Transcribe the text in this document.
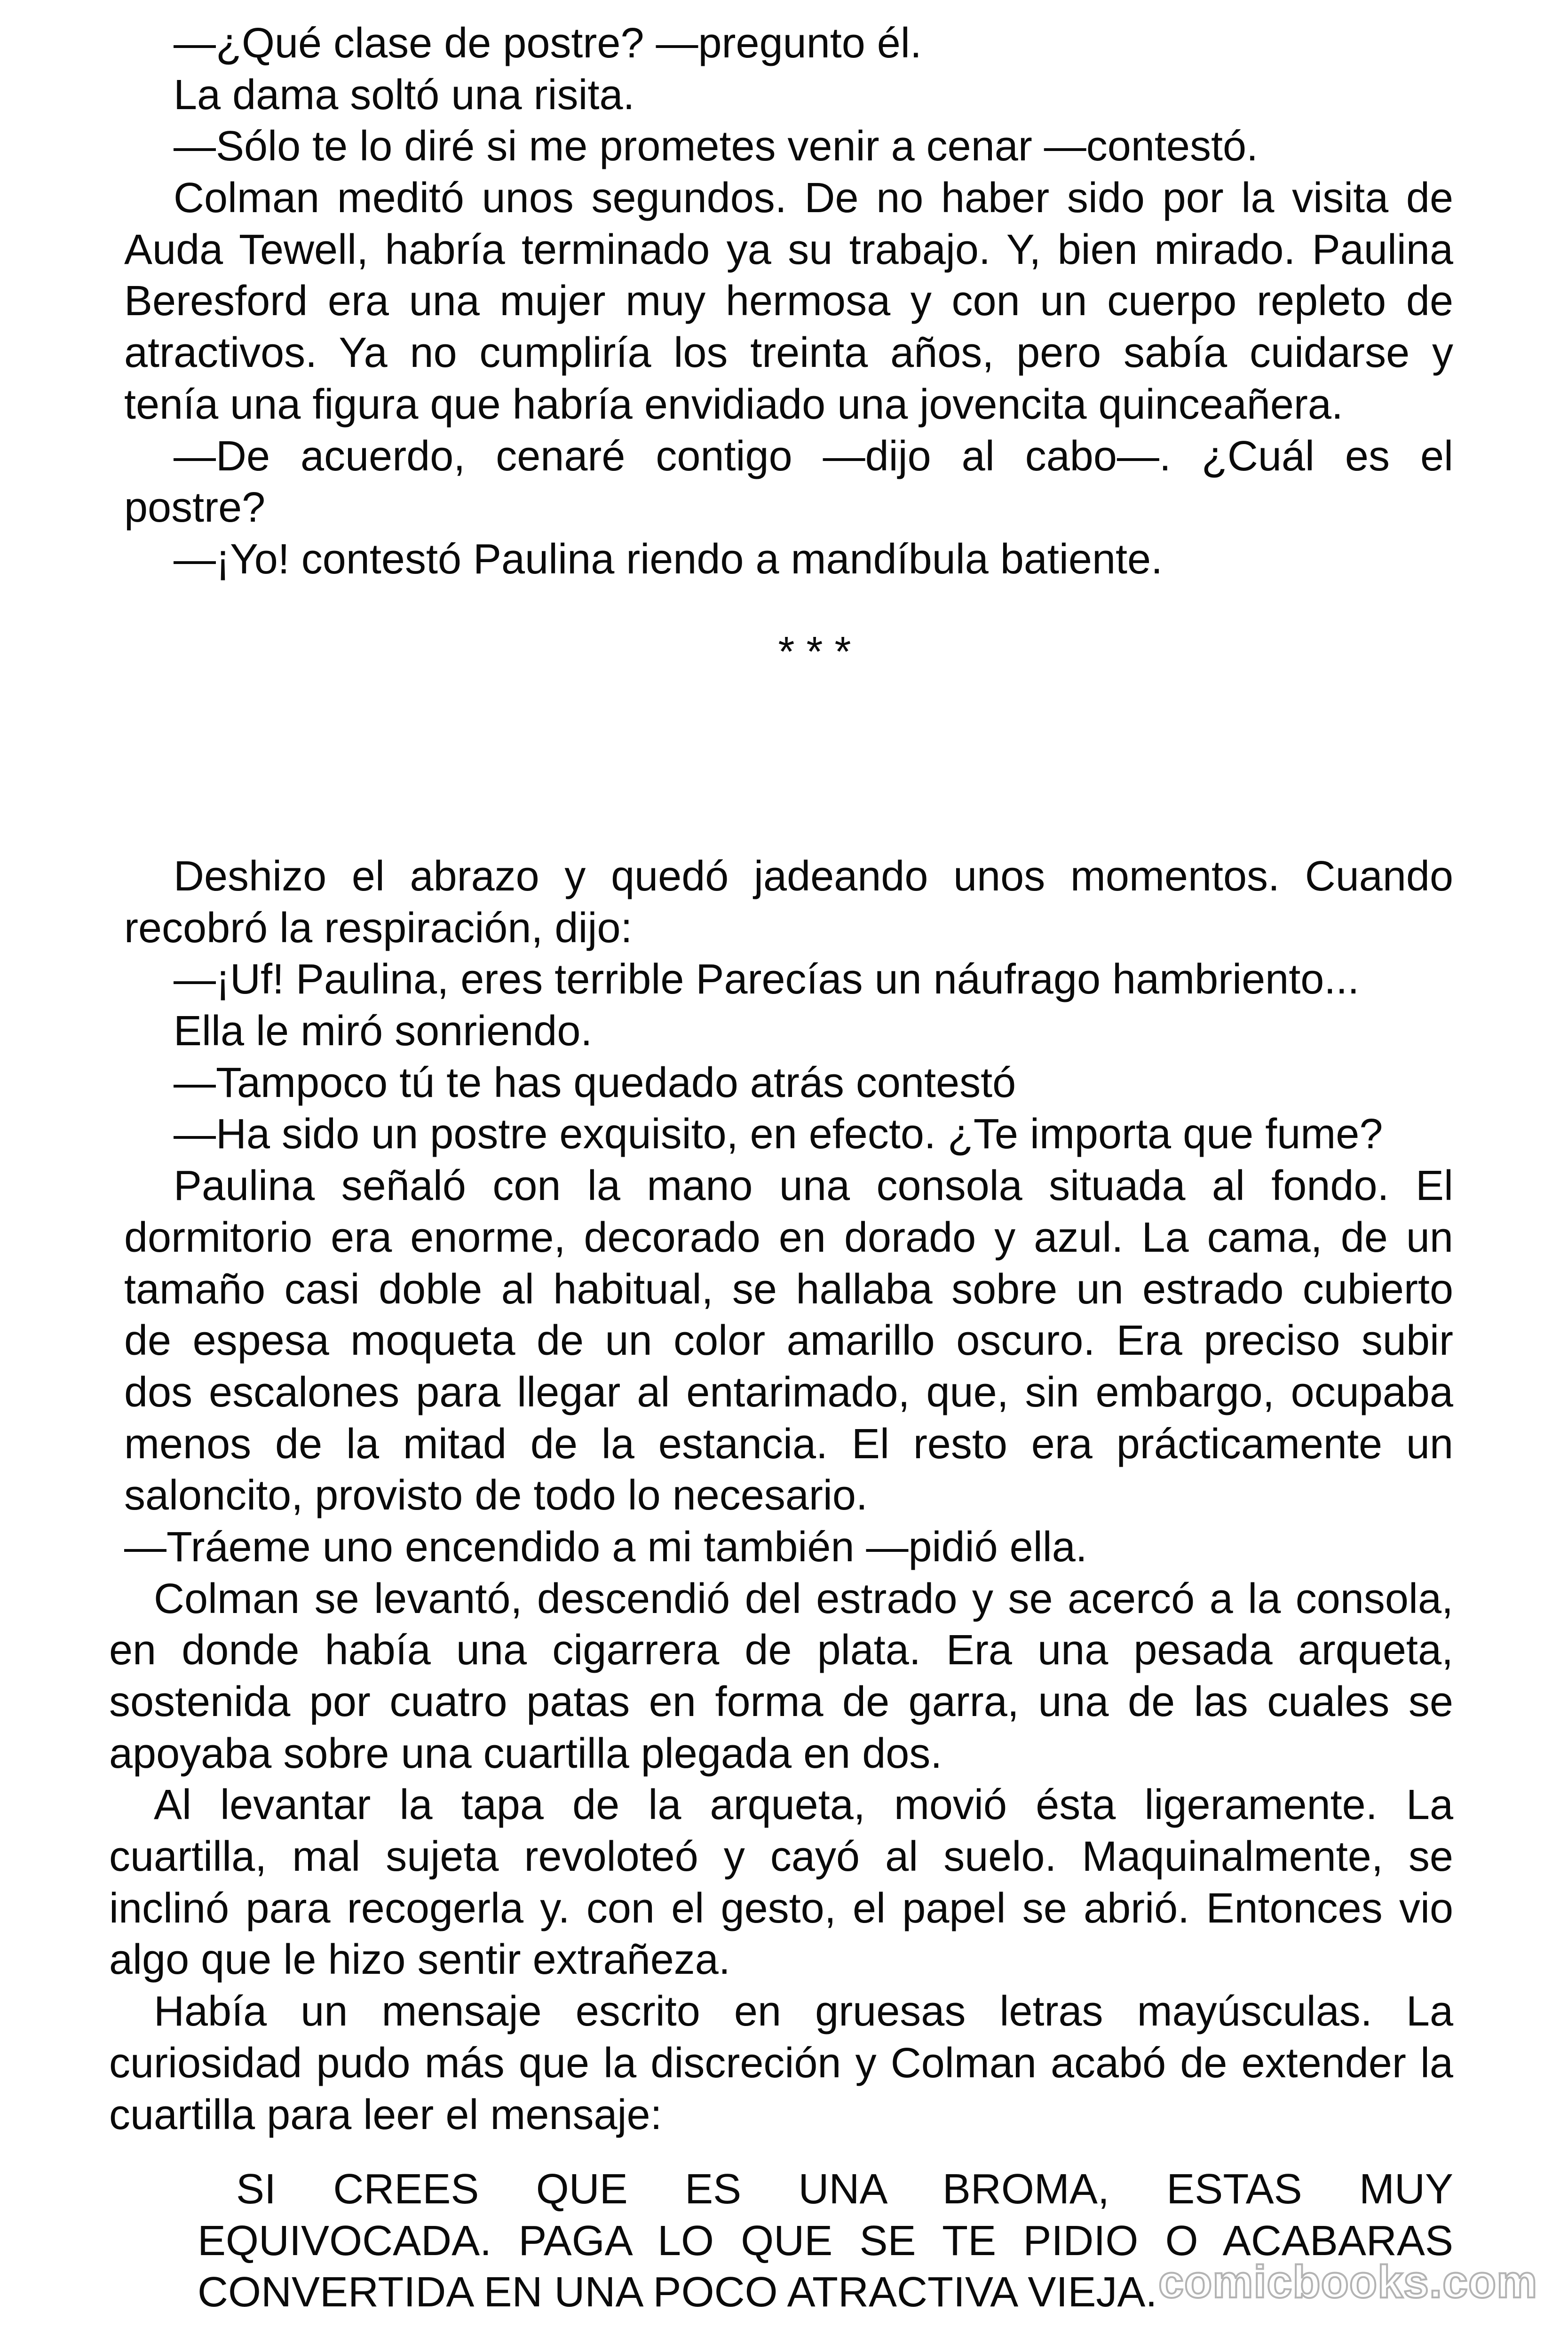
—¿Qué clase de postre? —pregunto él.
La dama soltó una risita.
—Sólo te lo diré si me prometes venir a cenar —contestó.
Colman meditó unos segundos. De no haber sido por la visita de
Auda Tewell, habría terminado ya su trabajo. Y, bien mirado. Paulina
Beresford era una mujer muy hermosa y con un cuerpo repleto de
atractivos. Ya no cumpliría los treinta años, pero sabía cuidarse y
tenía una figura que habría envidiado una jovencita quinceañera.
—De acuerdo, cenaré contigo —dijo al cabo—. ¿Cuál es el
postre?
—¡Yo! contestó Paulina riendo a mandíbula batiente.
* * *
Deshizo el abrazo y quedó jadeando unos momentos. Cuando
recobró la respiración, dijo:
—¡Uf! Paulina, eres terrible Parecías un náufrago hambriento...
Ella le miró sonriendo.
—Tampoco tú te has quedado atrás contestó
—Ha sido un postre exquisito, en efecto. ¿Te importa que fume?
Paulina señaló con la mano una consola situada al fondo. El
dormitorio era enorme, decorado en dorado y azul. La cama, de un
tamaño casi doble al habitual, se hallaba sobre un estrado cubierto
de espesa moqueta de un color amarillo oscuro. Era preciso subir
dos escalones para llegar al entarimado, que, sin embargo, ocupaba
menos de la mitad de la estancia. El resto era prácticamente un
saloncito, provisto de todo lo necesario.
—Tráeme uno encendido a mi también —pidió ella.
Colman se levantó, descendió del estrado y se acercó a la consola,
en donde había una cigarrera de plata. Era una pesada arqueta,
sostenida por cuatro patas en forma de garra, una de las cuales se
apoyaba sobre una cuartilla plegada en dos.
Al levantar la tapa de la arqueta, movió ésta ligeramente. La
cuartilla, mal sujeta revoloteó y cayó al suelo. Maquinalmente, se
inclinó para recogerla y. con el gesto, el papel se abrió. Entonces vio
algo que le hizo sentir extrañeza.
Había un mensaje escrito en gruesas letras mayúsculas. La
curiosidad pudo más que la discreción y Colman acabó de extender la
cuartilla para leer el mensaje:
SI CREES QUE ES UNA BROMA, ESTAS MUY
EQUIVOCADA. PAGA LO QUE SE TE PIDIO O ACABARAS
CONVERTIDA EN UNA POCO ATRACTIVA VIEJA. comicbooks.com
